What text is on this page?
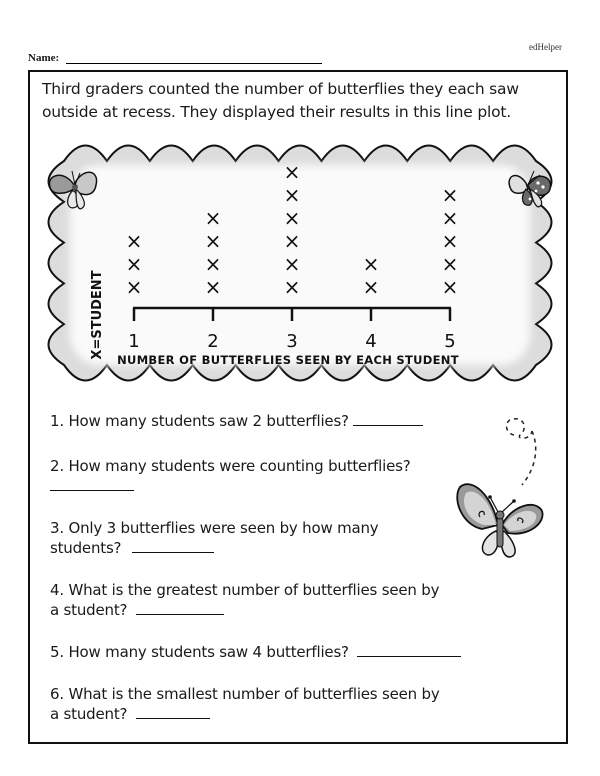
edHelper
Name:
Third graders counted the number of butterflies they each saw outside at recess. They displayed their results in this line plot.
X=STUDENT ×
×
×
×
×
×
×
×
×
×
×
×
×
×
×
×
×
×
×
×
1	2	3	4	5
NUMBER OF BUTTERFLIES SEEN BY EACH STUDENT
1. How many students saw 2 butterflies?
2. How many students were counting butterflies?

3. Only 3 butterflies were seen by how many
students?
4. What is the greatest number of butterflies seen by
a student?
5. How many students saw 4 butterflies?
6. What is the smallest number of butterflies seen by
a student?
